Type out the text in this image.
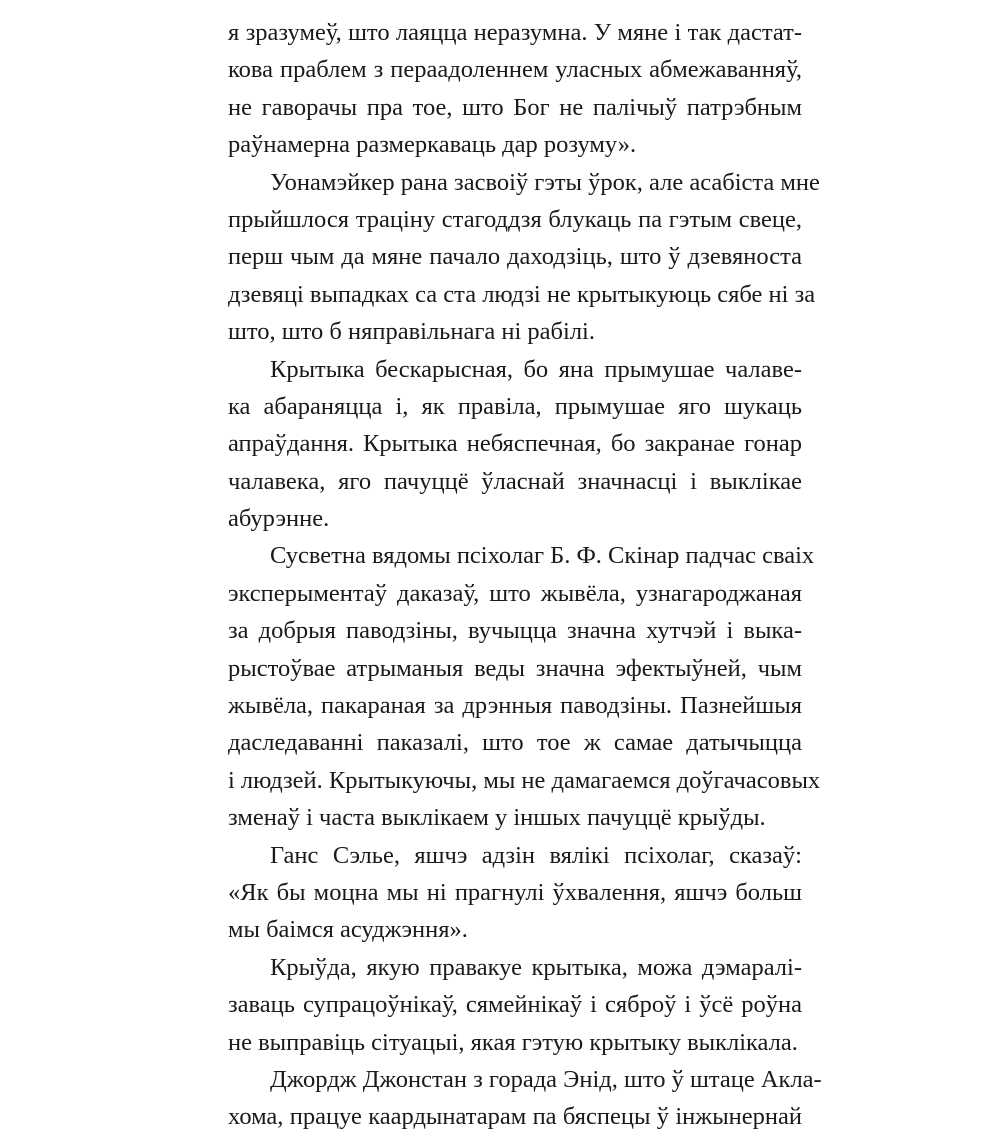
я зразумеў, што лаяцца неразумна. У мяне і так дастат-
кова праблем з пераадоленнем уласных абмежаванняў,
не гаворачы пра тое, што Бог не палічыў патрэбным
раўнамерна размеркаваць дар розуму».
Уонамэйкер рана засвоіў гэты ўрок, але асабіста мне
прыйшлося траціну стагоддзя блукаць па гэтым свеце,
перш чым да мяне пачало даходзіць, што ў дзевяноста
дзевяці выпадках са ста людзі не крытыкуюць сябе ні за
што, што б няправільнага ні рабілі.
Крытыка бескарысная, бо яна прымушае чалаве-
ка абараняцца і, як правіла, прымушае яго шукаць
апраўдання. Крытыка небяспечная, бо закранае гонар
чалавека, яго пачуццё ўласнай значнасці і выклікае
абурэнне.
Сусветна вядомы псіхолаг Б. Ф. Скінар падчас сваіх
эксперыментаў даказаў, што жывёла, узнагароджаная
за добрыя паводзіны, вучыцца значна хутчэй і выка-
рыстоўвае атрыманыя веды значна эфектыўней, чым
жывёла, пакараная за дрэнныя паводзіны. Пазнейшыя
даследаванні паказалі, што тое ж самае датычыцца
і людзей. Крытыкуючы, мы не дамагаемся доўгачасовых
зменаў і часта выклікаем у іншых пачуццё крыўды.
Ганс Сэлье, яшчэ адзін вялікі псіхолаг, сказаў:
«Як бы моцна мы ні прагнулі ўхвалення, яшчэ больш
мы баімся асуджэння».
Крыўда, якую правакуе крытыка, можа дэмаралі-
заваць супрацоўнікаў, сямейнікаў і сяброў і ўсё роўна
не выправіць сітуацыі, якая гэтую крытыку выклікала.
Джордж Джонстан з горада Энід, што ў штаце Аклa-
хома, працуе каардынатарам па бяспецы ў інжынернай
